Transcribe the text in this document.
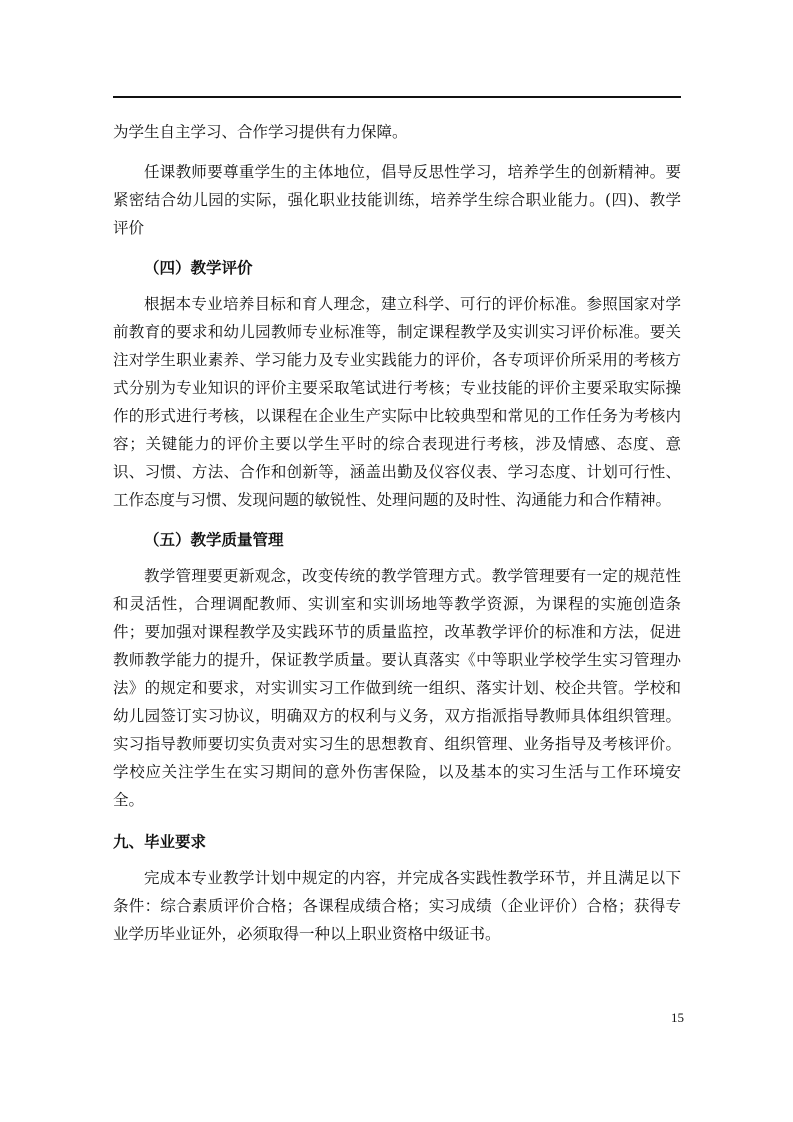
为学生自主学习、合作学习提供有力保障。

任课教师要尊重学生的主体地位，倡导反思性学习，培养学生的创新精神。要紧密结合幼儿园的实际，强化职业技能训练，培养学生综合职业能力。(四)、教学评价

（四）教学评价

根据本专业培养目标和育人理念，建立科学、可行的评价标准。参照国家对学前教育的要求和幼儿园教师专业标准等，制定课程教学及实训实习评价标准。要关注对学生职业素养、学习能力及专业实践能力的评价，各专项评价所采用的考核方式分别为专业知识的评价主要采取笔试进行考核；专业技能的评价主要采取实际操作的形式进行考核，以课程在企业生产实际中比较典型和常见的工作任务为考核内容；关键能力的评价主要以学生平时的综合表现进行考核，涉及情感、态度、意识、习惯、方法、合作和创新等，涵盖出勤及仪容仪表、学习态度、计划可行性、工作态度与习惯、发现问题的敏锐性、处理问题的及时性、沟通能力和合作精神。

（五）教学质量管理

教学管理要更新观念，改变传统的教学管理方式。教学管理要有一定的规范性和灵活性，合理调配教师、实训室和实训场地等教学资源，为课程的实施创造条件；要加强对课程教学及实践环节的质量监控，改革教学评价的标准和方法，促进教师教学能力的提升，保证教学质量。要认真落实《中等职业学校学生实习管理办法》的规定和要求，对实训实习工作做到统一组织、落实计划、校企共管。学校和幼儿园签订实习协议，明确双方的权利与义务，双方指派指导教师具体组织管理。实习指导教师要切实负责对实习生的思想教育、组织管理、业务指导及考核评价。学校应关注学生在实习期间的意外伤害保险，以及基本的实习生活与工作环境安全。

九、毕业要求

完成本专业教学计划中规定的内容，并完成各实践性教学环节，并且满足以下条件：综合素质评价合格；各课程成绩合格；实习成绩（企业评价）合格；获得专业学历毕业证外，必须取得一种以上职业资格中级证书。

15
